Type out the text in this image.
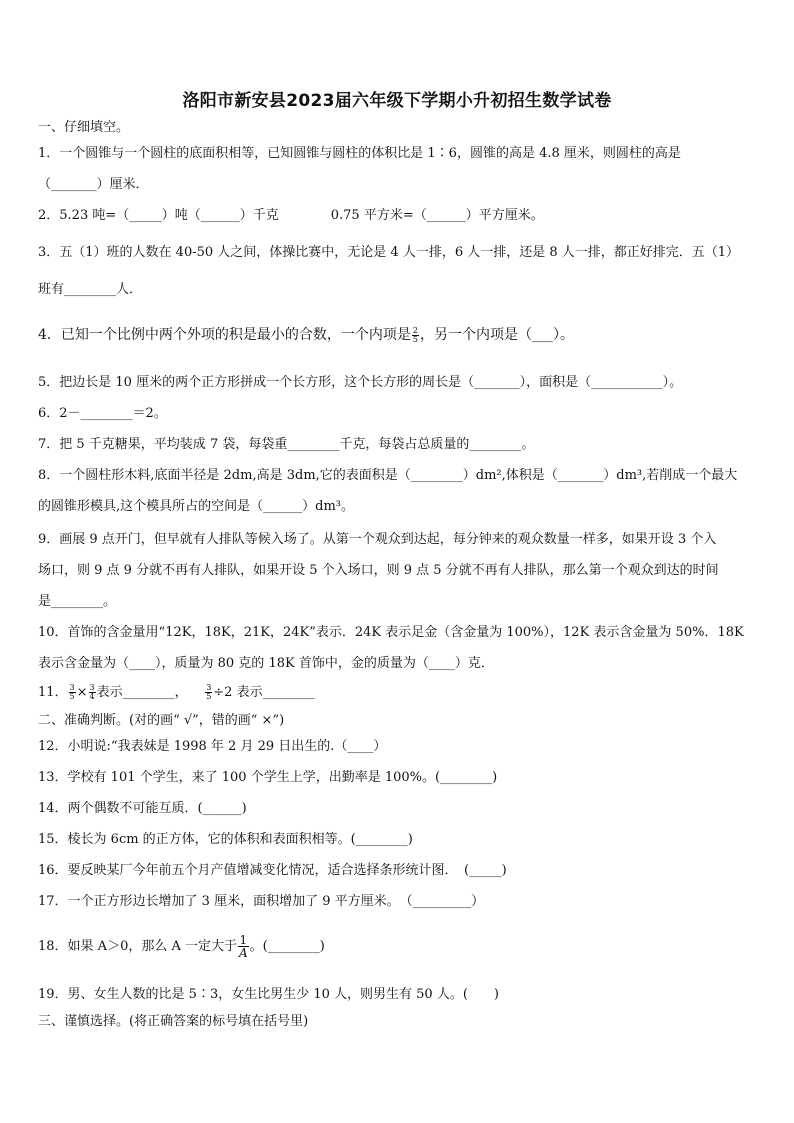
洛阳市新安县2023届六年级下学期小升初招生数学试卷
一、仔细填空。
1．一个圆锥与一个圆柱的底面积相等，已知圆锥与圆柱的体积比是 1∶6，圆锥的高是 4.8 厘米，则圆柱的高是
（_______）厘米．
2．5.23 吨=（_____）吨（______）千克　　　　0.75 平方米=（______）平方厘米。
3．五（1）班的人数在 40-50 人之间，体操比赛中，无论是 4 人一排，6 人一排，还是 8 人一排，都正好排完．五（1）
班有________人．
4．已知一个比例中两个外项的积是最小的合数，一个内项是 $\frac{2}{5}$ ，另一个内项是（___）。
5．把边长是 10 厘米的两个正方形拼成一个长方形，这个长方形的周长是（_______），面积是（___________）。
6．2－________＝2。
7．把 5 千克糖果，平均装成 7 袋，每袋重________千克，每袋占总质量的________。
8．一个圆柱形木料,底面半径是 2dm,高是 3dm,它的表面积是（________）dm²,体积是（_______）dm³,若削成一个最大
的圆锥形模具,这个模具所占的空间是（______）dm³。
9．画展 9 点开门，但早就有人排队等候入场了。从第一个观众到达起，每分钟来的观众数量一样多，如果开设 3 个入
场口，则 9 点 9 分就不再有人排队，如果开设 5 个入场口，则 9 点 5 分就不再有人排队，那么第一个观众到达的时间
是________。
10．首饰的含金量用“12K，18K，21K，24K”表示．24K 表示足金（含金量为 100%），12K 表示含金量为 50%．18K
表示含金量为（____），质量为 80 克的 18K 首饰中，金的质量为（____）克．
11． $\frac{3}{5} \times \frac{3}{4}$ 表示________， $\frac{3}{5} \div 2$ 表示________
二、准确判断。(对的画“ √”，错的画“ ×”)
12．小明说:“我表妹是 1998 年 2 月 29 日出生的.（____）
13．学校有 101 个学生，来了 100 个学生上学，出勤率是 100%。(________)
14．两个偶数不可能互质．(______)
15．棱长为 6cm 的正方体，它的体积和表面积相等。(________)
16．要反映某厂今年前五个月产值增减变化情况，适合选择条形统计图．　(_____)
17．一个正方形边长增加了 3 厘米，面积增加了 9 平方厘米。　（_________）
18．如果 A＞0，那么 A 一定大于 $\frac{1}{A}$ 。(________)
19．男、女生人数的比是 5∶3，女生比男生少 10 人，则男生有 50 人。(　　)
三、谨慎选择。(将正确答案的标号填在括号里)
